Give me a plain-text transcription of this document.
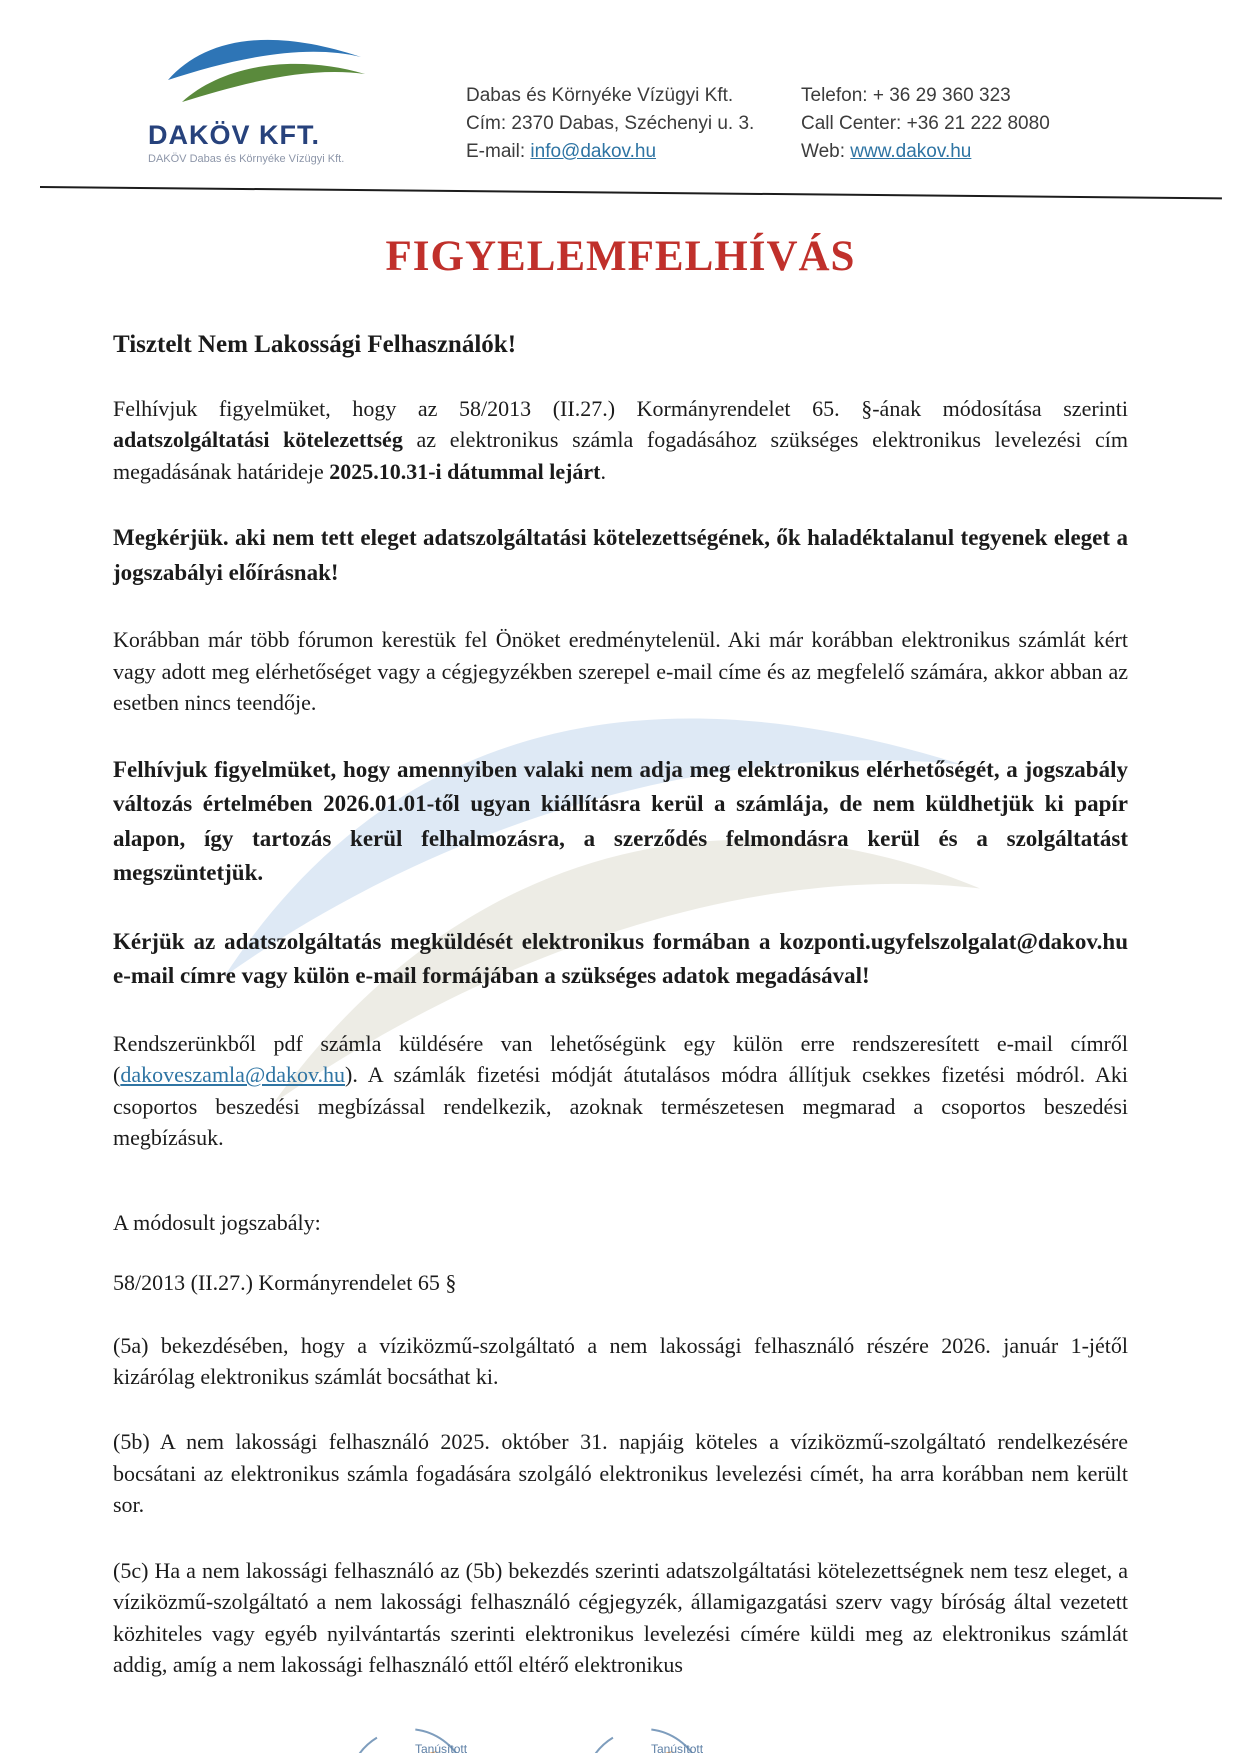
DAKÖV KFT.
DAKÖV Dabas és Környéke Vízügyi Kft.
Dabas és Környéke Vízügyi Kft.
Cím: 2370 Dabas, Széchenyi u. 3.
E-mail: info@dakov.hu
Telefon: + 36 29 360 323
Call Center: +36 21 222 8080
Web: www.dakov.hu
FIGYELEMFELHÍVÁS

Tisztelt Nem Lakossági Felhasználók!

Felhívjuk figyelmüket, hogy az 58/2013 (II.27.) Kormányrendelet 65. §-ának módosítása szerinti adatszolgáltatási kötelezettség az elektronikus számla fogadásához szükséges elektronikus levelezési cím megadásának határideje 2025.10.31-i dátummal lejárt.

Megkérjük. aki nem tett eleget adatszolgáltatási kötelezettségének, ők haladéktalanul tegyenek eleget a jogszabályi előírásnak!

Korábban már több fórumon kerestük fel Önöket eredménytelenül. Aki már korábban elektronikus számlát kért vagy adott meg elérhetőséget vagy a cégjegyzékben szerepel e-mail címe és az megfelelő számára, akkor abban az esetben nincs teendője.

Felhívjuk figyelmüket, hogy amennyiben valaki nem adja meg elektronikus elérhetőségét, a jogszabály változás értelmében 2026.01.01-től ugyan kiállításra kerül a számlája, de nem küldhetjük ki papír alapon, így tartozás kerül felhalmozásra, a szerződés felmondásra kerül és a szolgáltatást megszüntetjük.

Kérjük az adatszolgáltatás megküldését elektronikus formában a kozponti.ugyfelszolgalat@dakov.hu e-mail címre vagy külön e-mail formájában a szükséges adatok megadásával!

Rendszerünkből pdf számla küldésére van lehetőségünk egy külön erre rendszeresített e-mail címről (dakoveszamla@dakov.hu). A számlák fizetési módját átutalásos módra állítjuk csekkes fizetési módról. Aki csoportos beszedési megbízással rendelkezik, azoknak természetesen megmarad a csoportos beszedési megbízásuk.

A módosult jogszabály:

58/2013 (II.27.) Kormányrendelet 65 §

(5a) bekezdésében, hogy a víziközmű-szolgáltató a nem lakossági felhasználó részére 2026. január 1-jétől kizárólag elektronikus számlát bocsáthat ki.

(5b) A nem lakossági felhasználó 2025. október 31. napjáig köteles a víziközmű-szolgáltató rendelkezésére bocsátani az elektronikus számla fogadására szolgáló elektronikus levelezési címét, ha arra korábban nem került sor.

(5c) Ha a nem lakossági felhasználó az (5b) bekezdés szerinti adatszolgáltatási kötelezettségnek nem tesz eleget, a víziközmű-szolgáltató a nem lakossági felhasználó cégjegyzék, államigazgatási szerv vagy bíróság által vezetett közhiteles vagy egyéb nyilvántartás szerinti elektronikus levelezési címére küldi meg az elektronikus számlát addig, amíg a nem lakossági felhasználó ettől eltérő elektronikus

Tanúsított	Tanúsított
